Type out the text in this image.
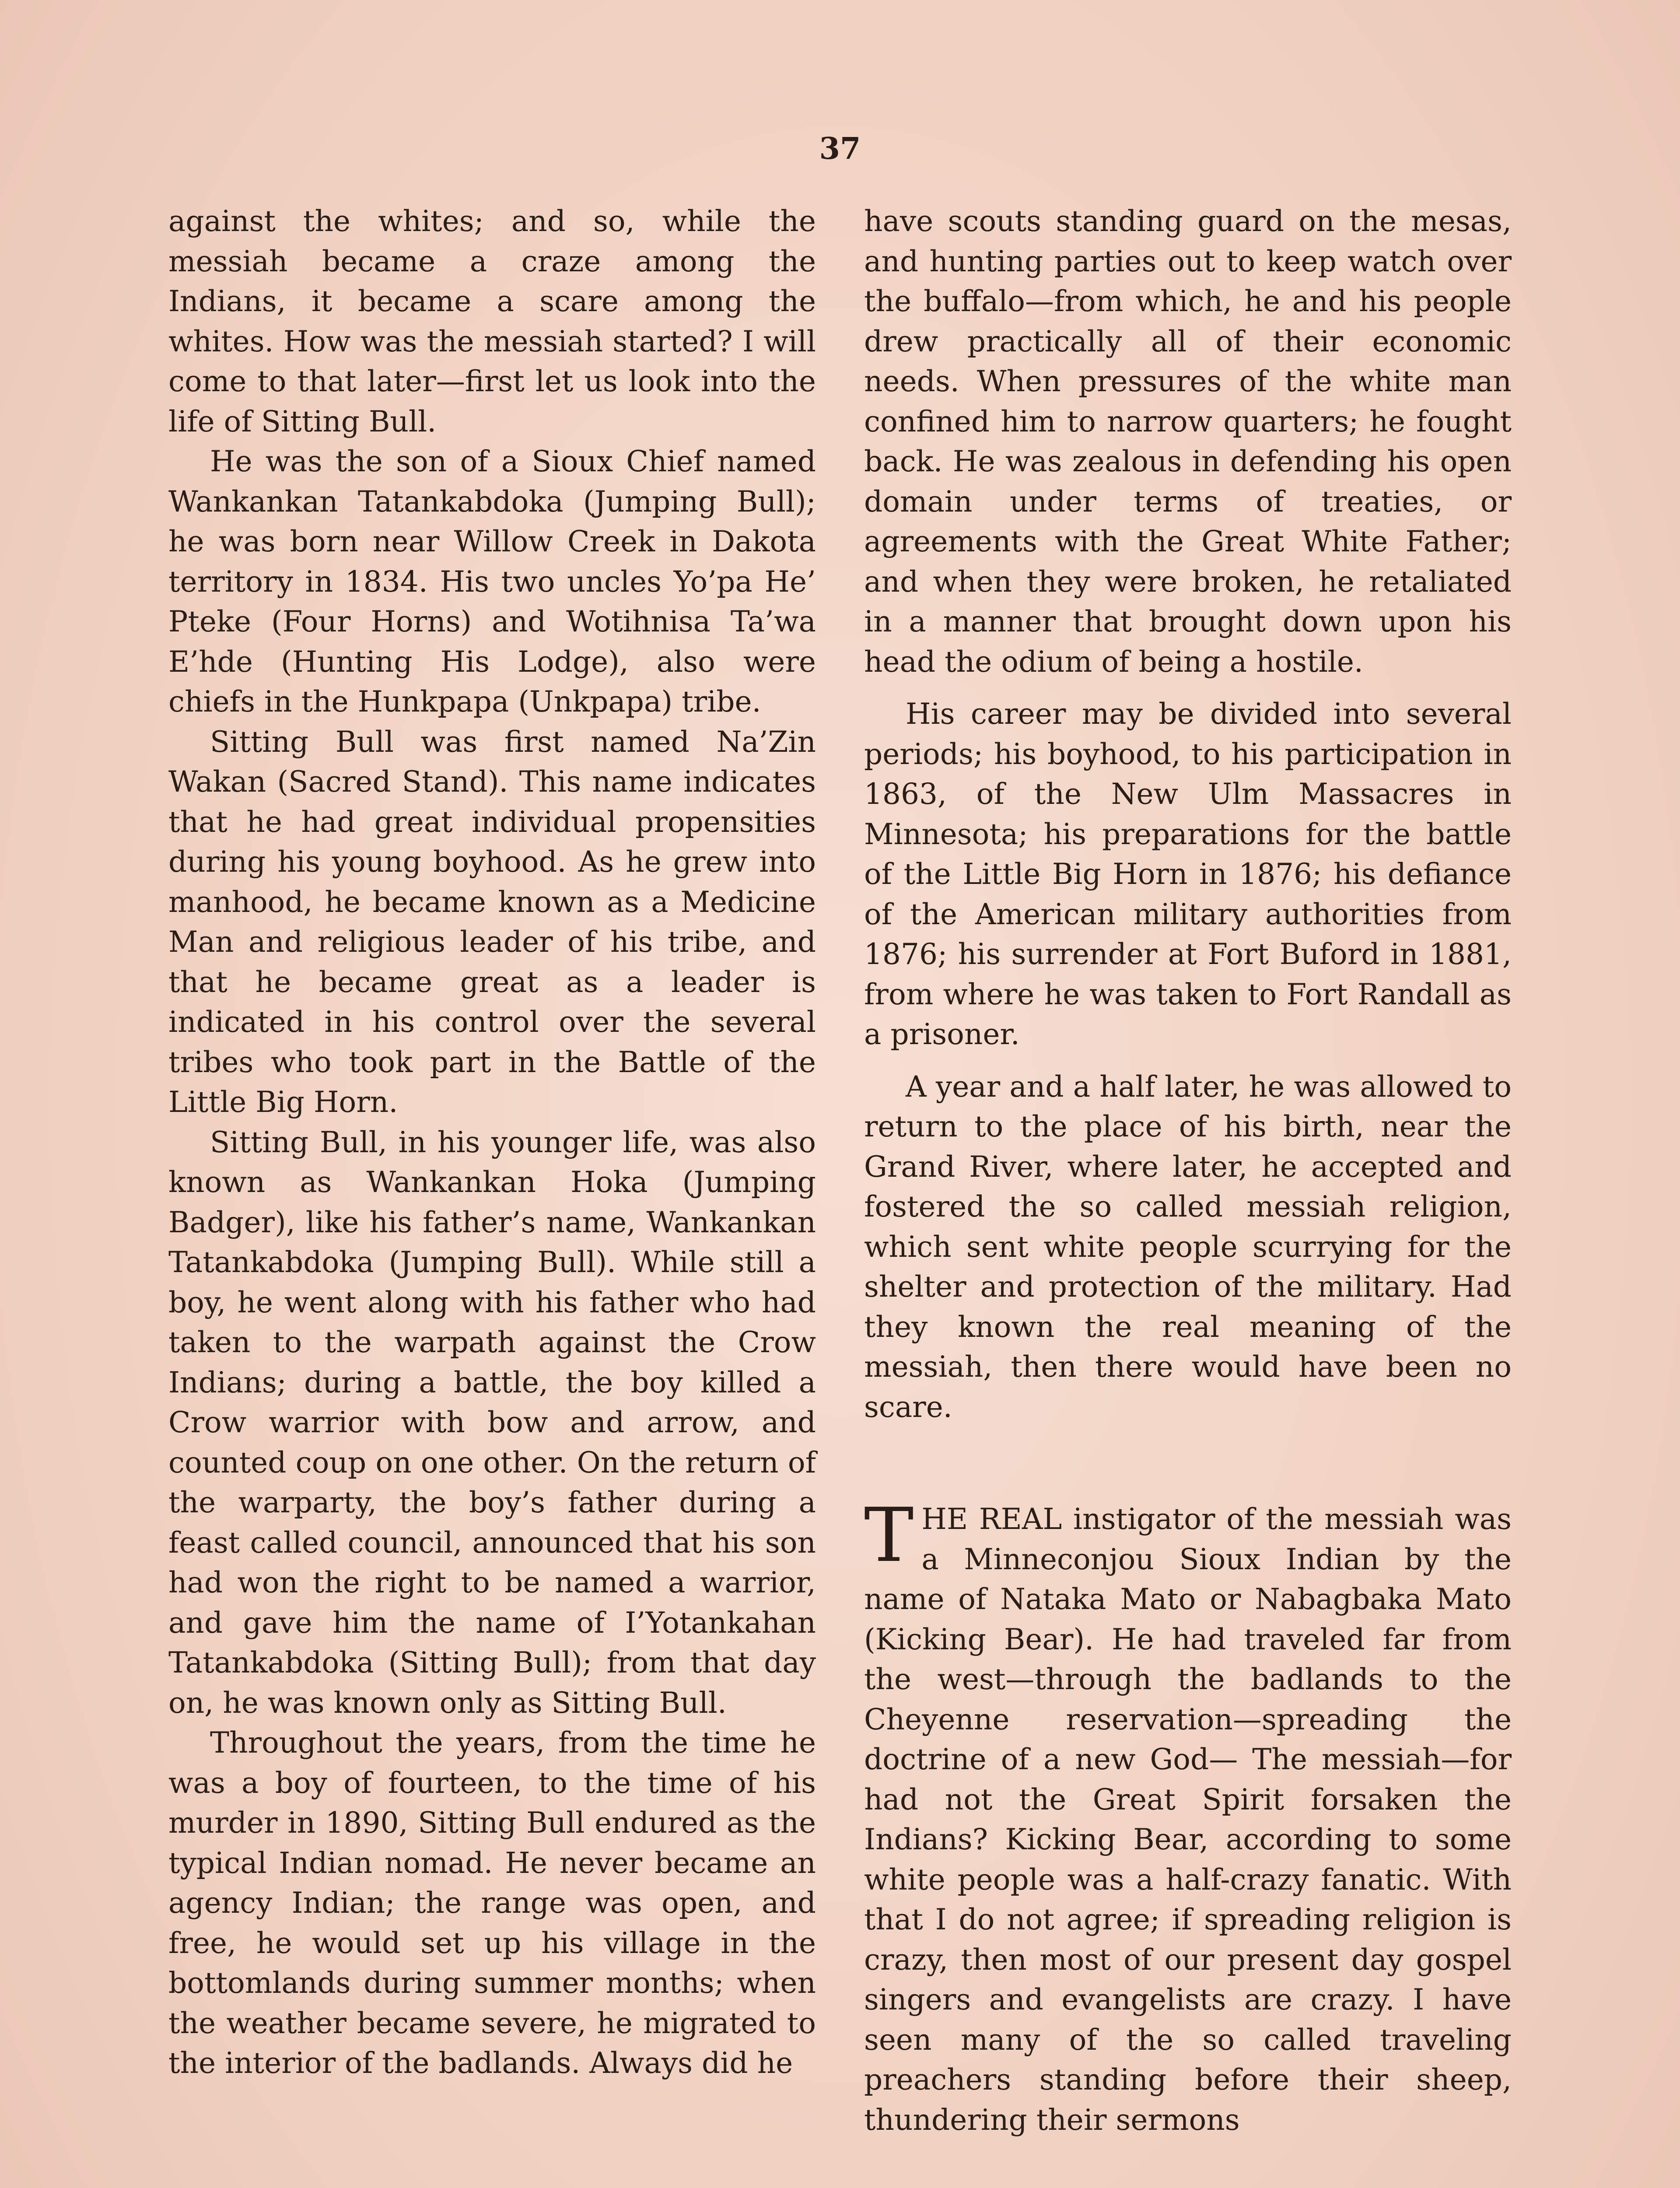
37

against the whites; and so, while the messiah became a craze among the Indians, it became a scare among the whites. How was the messiah started? I will come to that later—first let us look into the life of Sitting Bull.

He was the son of a Sioux Chief named Wankankan Tatankabdoka (Jumping Bull); he was born near Willow Creek in Dakota territory in 1834. His two uncles Yo’pa He’ Pteke (Four Horns) and Wotihnisa Ta’wa E’hde (Hunting His Lodge), also were chiefs in the Hunkpapa (Unkpapa) tribe.

Sitting Bull was first named Na’Zin Wakan (Sacred Stand). This name indicates that he had great individual propensities during his young boyhood. As he grew into manhood, he became known as a Medicine Man and religious leader of his tribe, and that he became great as a leader is indicated in his control over the several tribes who took part in the Battle of the Little Big Horn.

Sitting Bull, in his younger life, was also known as Wankankan Hoka (Jumping Badger), like his father’s name, Wankankan Tatankabdoka (Jumping Bull). While still a boy, he went along with his father who had taken to the warpath against the Crow Indians; during a battle, the boy killed a Crow warrior with bow and arrow, and counted coup on one other. On the return of the warparty, the boy’s father during a feast called council, announced that his son had won the right to be named a warrior, and gave him the name of I’Yotankahan Tatankabdoka (Sitting Bull); from that day on, he was known only as Sitting Bull.

Throughout the years, from the time he was a boy of fourteen, to the time of his murder in 1890, Sitting Bull endured as the typical Indian nomad. He never became an agency Indian; the range was open, and free, he would set up his village in the bottomlands during summer months; when the weather became severe, he migrated to the interior of the badlands. Always did he

have scouts standing guard on the mesas, and hunting parties out to keep watch over the buffalo—from which, he and his people drew practically all of their economic needs. When pressures of the white man confined him to narrow quarters; he fought back. He was zealous in defending his open domain under terms of treaties, or agreements with the Great White Father; and when they were broken, he retaliated in a manner that brought down upon his head the odium of being a hostile.

His career may be divided into several periods; his boyhood, to his participation in 1863, of the New Ulm Massacres in Minnesota; his preparations for the battle of the Little Big Horn in 1876; his defiance of the American military authorities from 1876; his surrender at Fort Buford in 1881, from where he was taken to Fort Randall as a prisoner.

A year and a half later, he was allowed to return to the place of his birth, near the Grand River, where later, he accepted and fostered the so called messiah religion, which sent white people scurrying for the shelter and protection of the military. Had they known the real meaning of the messiah, then there would have been no scare.

THE REAL instigator of the messiah was a Minneconjou Sioux Indian by the name of Nataka Mato or Nabagbaka Mato (Kicking Bear). He had traveled far from the west—through the badlands to the Cheyenne reservation—spreading the doctrine of a new God— The messiah—for had not the Great Spirit forsaken the Indians? Kicking Bear, according to some white people was a half-crazy fanatic. With that I do not agree; if spreading religion is crazy, then most of our present day gospel singers and evangelists are crazy. I have seen many of the so called traveling preachers standing before their sheep, thundering their sermons
